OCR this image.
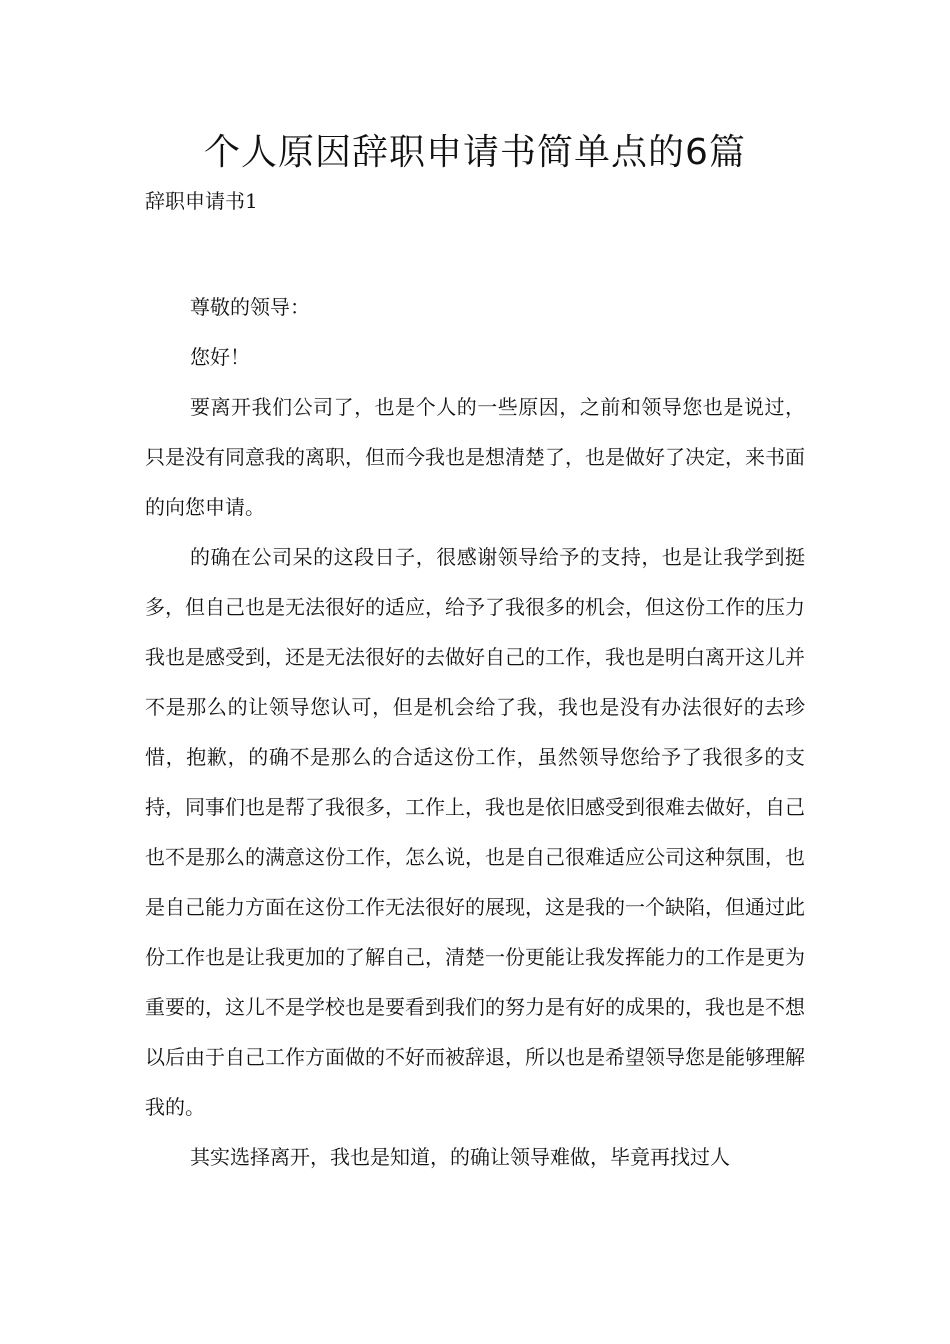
个人原因辞职申请书简单点的6篇
辞职申请书1

尊敬的领导：

您好！

要离开我们公司了，也是个人的一些原因，之前和领导您也是说过，只是没有同意我的离职，但而今我也是想清楚了，也是做好了决定，来书面的向您申请。

的确在公司呆的这段日子，很感谢领导给予的支持，也是让我学到挺多，但自己也是无法很好的适应，给予了我很多的机会，但这份工作的压力我也是感受到，还是无法很好的去做好自己的工作，我也是明白离开这儿并不是那么的让领导您认可，但是机会给了我，我也是没有办法很好的去珍惜，抱歉，的确不是那么的合适这份工作，虽然领导您给予了我很多的支持，同事们也是帮了我很多，工作上，我也是依旧感受到很难去做好，自己也不是那么的满意这份工作，怎么说，也是自己很难适应公司这种氛围，也是自己能力方面在这份工作无法很好的展现，这是我的一个缺陷，但通过此份工作也是让我更加的了解自己，清楚一份更能让我发挥能力的工作是更为重要的，这儿不是学校也是要看到我们的努力是有好的成果的，我也是不想以后由于自己工作方面做的不好而被辞退，所以也是希望领导您是能够理解我的。

其实选择离开，我也是知道，的确让领导难做，毕竟再找过人
